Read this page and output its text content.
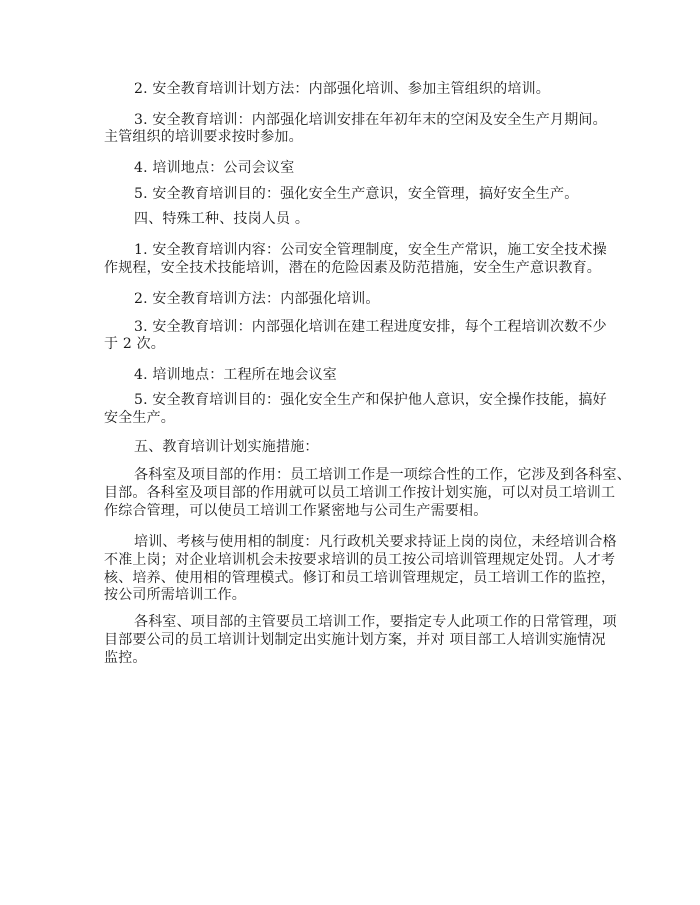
2. 安全教育培训计划方法：内部强化培训、参加主管组织的培训。
3. 安全教育培训：内部强化培训安排在年初年末的空闲及安全生产月期间。
主管组织的培训要求按时参加。
4. 培训地点：公司会议室
5. 安全教育培训目的：强化安全生产意识，安全管理，搞好安全生产。
四、特殊工种、技岗人员 。
1. 安全教育培训内容：公司安全管理制度，安全生产常识，施工安全技术操
作规程，安全技术技能培训，潜在的危险因素及防范措施，安全生产意识教育。
2. 安全教育培训方法：内部强化培训。
3. 安全教育培训：内部强化培训在建工程进度安排，每个工程培训次数不少
于 2 次。
4. 培训地点：工程所在地会议室
5. 安全教育培训目的：强化安全生产和保护他人意识，安全操作技能，搞好
安全生产。
五、教育培训计划实施措施：
各科室及项目部的作用：员工培训工作是一项综合性的工作，它涉及到各科室、
目部。各科室及项目部的作用就可以员工培训工作按计划实施，可以对员工培训工
作综合管理，可以使员工培训工作紧密地与公司生产需要相。
培训、考核与使用相的制度：凡行政机关要求持证上岗的岗位，未经培训合格
不准上岗；对企业培训机会未按要求培训的员工按公司培训管理规定处罚。人才考
核、培养、使用相的管理模式。修订和员工培训管理规定，员工培训工作的监控，
按公司所需培训工作。
各科室、项目部的主管要员工培训工作，要指定专人此项工作的日常管理，项
目部要公司的员工培训计划制定出实施计划方案，并对 项目部工人培训实施情况
监控。
